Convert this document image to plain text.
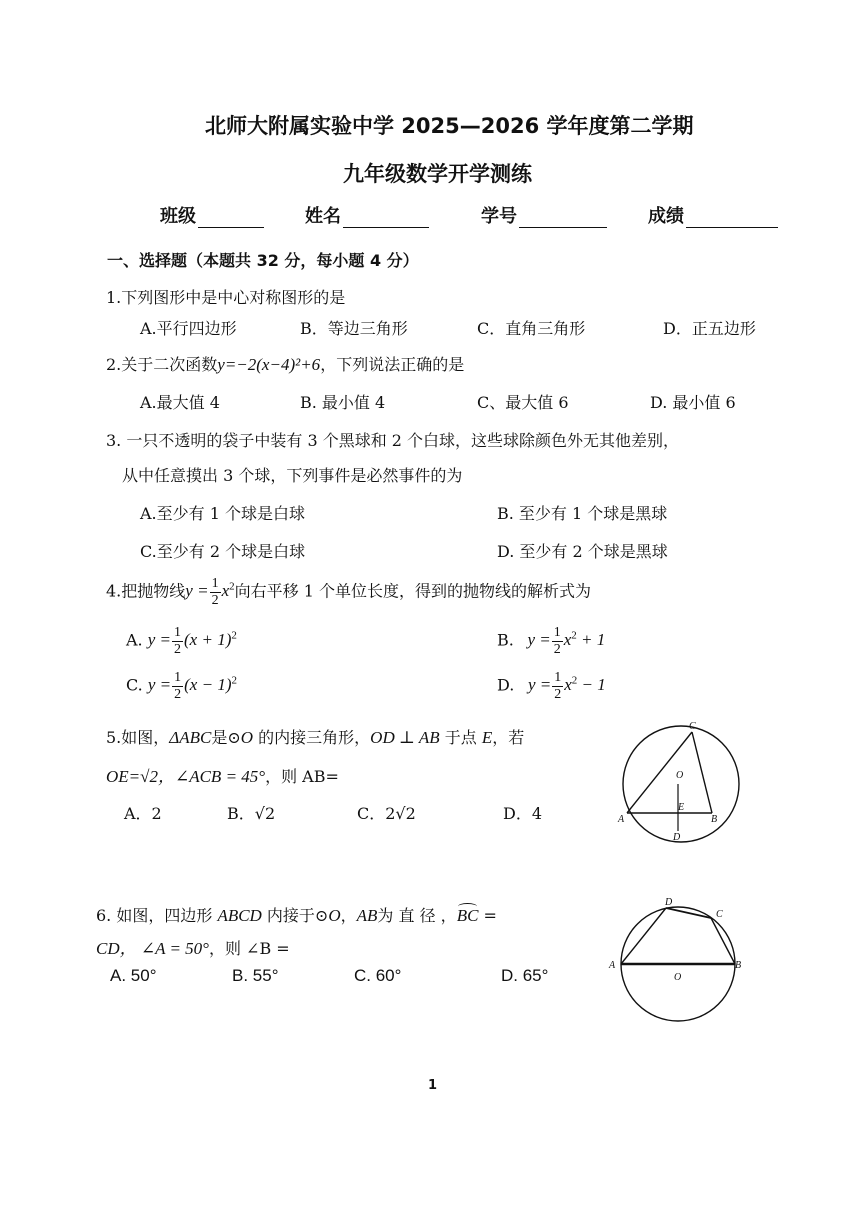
北师大附属实验中学 2025—2026 学年度第二学期
九年级数学开学测练
班级	姓名	学号	成绩
一、选择题（本题共 32 分，每小题 4 分）
1.下列图形中是中心对称图形的是
A.平行四边形	B．等边三角形	C．直角三角形	D．正五边形
2.关于二次函数y=−2(x−4)²+6，下列说法正确的是
A.最大值 4	B. 最小值 4	C、最大值 6	D. 最小值 6
3. 一只不透明的袋子中装有 3 个黑球和 2 个白球，这些球除颜色外无其他差别，
从中任意摸出 3 个球，下列事件是必然事件的为
A.至少有 1 个球是白球	B. 至少有 1 个球是黑球
C.至少有 2 个球是白球	D. 至少有 2 个球是黑球
4.把抛物线$y = \frac{1}{2} x^2$向右平移 1 个单位长度，得到的抛物线的解析式为
A. $y = \frac{1}{2} (x + 1)^2$	B.   $y = \frac{1}{2} x^2 + 1$
C. $y = \frac{1}{2} (x - 1)^2$	D.   $y = \frac{1}{2} x^2 - 1$
5.如图，ΔABC是⊙O 的内接三角形，OD ⊥ AB 于点 E，若
OE=√2，∠ACB = 45°，则 AB=
A．2	B．√2	C．2√2	D．4
C
O
E
A	B
D
6. 如图，四边形 ABCD 内接于⊙O，AB为 直 径 ，
BC =
CD， ∠A = 50°，则 ∠B =
A. 50°	B. 55°	C. 60°	D. 65°
D
C
A	B
O
1
